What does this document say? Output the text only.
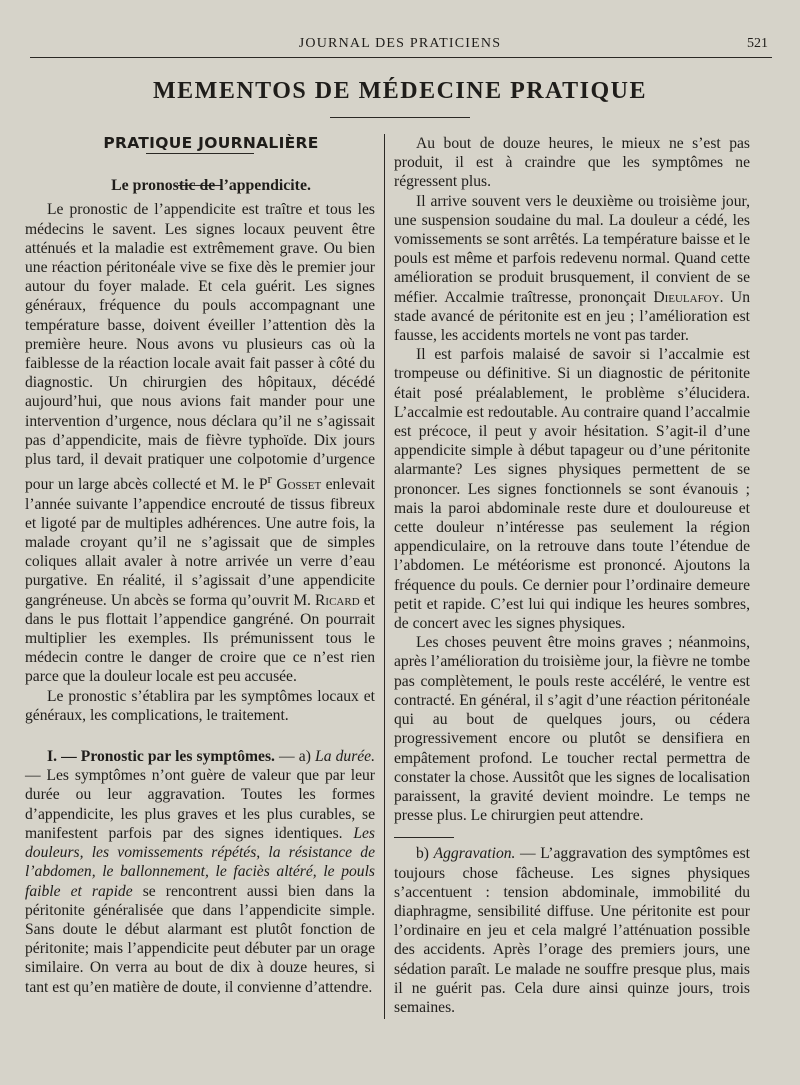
JOURNAL DES PRATICIENS	521
MEMENTOS DE MÉDECINE PRATIQUE

PRATIQUE JOURNALIÈRE

Le pronostic de l’appendicite.

Le pronostic de l’appendicite est traître et tous les médecins le savent. Les signes locaux peuvent être atténués et la maladie est extrêmement grave. Ou bien une réaction péritonéale vive se fixe dès le premier jour autour du foyer malade. Et cela guérit. Les signes généraux, fréquence du pouls accompagnant une température basse, doivent éveiller l’attention dès la première heure. Nous avons vu plusieurs cas où la faiblesse de la réaction locale avait fait passer à côté du diagnostic. Un chirurgien des hôpitaux, décédé aujourd’hui, que nous avions fait mander pour une intervention d’urgence, nous déclara qu’il ne s’agissait pas d’appendicite, mais de fièvre typhoïde. Dix jours plus tard, il devait pratiquer une colpotomie d’urgence pour un large abcès collecté et M. le $P^r$ Gosset enlevait l’année suivante l’appendice encrouté de tissus fibreux et ligoté par de multiples adhérences. Une autre fois, la malade croyant qu’il ne s’agissait que de simples coliques allait avaler à notre arrivée un verre d’eau purgative. En réalité, il s’agissait d’une appendicite gangréneuse. Un abcès se forma qu’ouvrit M. Ricard et dans le pus flottait l’appendice gangréné. On pourrait multiplier les exemples. Ils prémunissent tous le médecin contre le danger de croire que ce n’est rien parce que la douleur locale est peu accusée.

Le pronostic s’établira par les symptômes locaux et généraux, les complications, le traitement.

I. — Pronostic par les symptômes. — a) La durée. — Les symptômes n’ont guère de valeur que par leur durée ou leur aggravation. Toutes les formes d’appendicite, les plus graves et les plus curables, se manifestent parfois par des signes identiques. Les douleurs, les vomissements répétés, la résistance de l’abdomen, le ballonnement, le faciès altéré, le pouls faible et rapide se rencontrent aussi bien dans la péritonite généralisée que dans l’appendicite simple. Sans doute le début alarmant est plutôt fonction de péritonite; mais l’appendicite peut débuter par un orage similaire. On verra au bout de dix à douze heures, si tant est qu’en matière de doute, il convienne d’attendre.

Au bout de douze heures, le mieux ne s’est pas produit, il est à craindre que les symptômes ne régressent plus.

Il arrive souvent vers le deuxième ou troisième jour, une suspension soudaine du mal. La douleur a cédé, les vomissements se sont arrêtés. La température baisse et le pouls est même et parfois redevenu normal. Quand cette amélioration se produit brusquement, il convient de se méfier. Accalmie traîtresse, prononçait Dieulafoy. Un stade avancé de péritonite est en jeu ; l’amélioration est fausse, les accidents mortels ne vont pas tarder.

Il est parfois malaisé de savoir si l’accalmie est trompeuse ou définitive. Si un diagnostic de péritonite était posé préalablement, le problème s’élucidera. L’accalmie est redoutable. Au contraire quand l’accalmie est précoce, il peut y avoir hésitation. S’agit-il d’une appendicite simple à début tapageur ou d’une péritonite alarmante? Les signes physiques permettent de se prononcer. Les signes fonctionnels se sont évanouis ; mais la paroi abdominale reste dure et douloureuse et cette douleur n’intéresse pas seulement la région appendiculaire, on la retrouve dans toute l’étendue de l’abdomen. Le météorisme est prononcé. Ajoutons la fréquence du pouls. Ce dernier pour l’ordinaire demeure petit et rapide. C’est lui qui indique les heures sombres, de concert avec les signes physiques.

Les choses peuvent être moins graves ; néanmoins, après l’amélioration du troisième jour, la fièvre ne tombe pas complètement, le pouls reste accéléré, le ventre est contracté. En général, il s’agit d’une réaction péritonéale qui au bout de quelques jours, ou cédera progressivement encore ou plutôt se densifiera en empâtement profond. Le toucher rectal permettra de constater la chose. Aussitôt que les signes de localisation paraissent, la gravité devient moindre. Le temps ne presse plus. Le chirurgien peut attendre.

b) Aggravation. — L’aggravation des symptômes est toujours chose fâcheuse. Les signes physiques s’accentuent : tension abdominale, immobilité du diaphragme, sensibilité diffuse. Une péritonite est pour l’ordinaire en jeu et cela malgré l’atténuation possible des accidents. Après l’orage des premiers jours, une sédation paraît. Le malade ne souffre presque plus, mais il ne guérit pas. Cela dure ainsi quinze jours, trois semaines.
